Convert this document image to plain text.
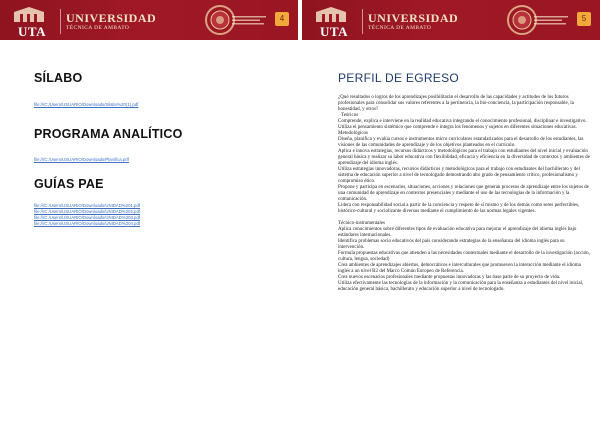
UTA
UNIVERSIDAD
TÉCNICA DE AMBATO
4
SÍLABO
file:///C:/Users/USUARIO/Downloads/Silabo%20(1).pdf
PROGRAMA ANALÍTICO
file:///C:/Users/USUARIO/Downloads/Planifica.pdf
GUÍAS PAE
file:///C:/Users/USUARIO/Downloads/UNIDAD%201.pdf
file:///C:/Users/USUARIO/Downloads/UNIDAD%202.pdf
file:///C:/Users/USUARIO/Downloads/UNIDAD%203.pdf
file:///C:/Users/USUARIO/Downloads/UNIDAD%204.pdf
UTA
UNIVERSIDAD
TÉCNICA DE AMBATO
5
PERFIL DE EGRESO

¿Qué resultados o logros de los aprendizajes posibilitarán el desarrollo de las capacidades y actitudes de los futuros profesionales para consolidar sus valores referentes a la pertinencia, la bio-conciencia, la participación responsable, la honestidad, y otros?

Teóricos

Comprende, explica e interviene en la realidad educativa integrando el conocimiento profesional, disciplinar e investigativo.

Utiliza el pensamiento sistémico que comprende e integra los fenómenos y sujetos en diferentes situaciones educativas.

Metodológicos

Diseña, planifica y evalúa cursos e instrumentos micro curriculares estandarizados para el desarrollo de los estudiantes, las visiones de las comunidades de aprendizaje y de los objetivos planteados en el currículo.

Aplica e innova estrategias, recursos didácticos y metodológicos para el trabajo con estudiantes del nivel inicial y evaluación general básica y realizar su labor educativa con flexibilidad, eficacia y eficiencia en la diversidad de contextos y ambientes de aprendizaje del idioma inglés.

Utiliza estrategias innovadoras, recursos didácticos y metodológicos para el trabajo con estudiantes del bachillerato y del sistema de educación superior a nivel de tecnologado demostrando alto grado de pensamiento crítico, profesionalismo y compromiso ético.

Propone y participa en escenarios, situaciones, acciones y relaciones que generan procesos de aprendizaje entre los sujetos de una comunidad de aprendizaje en contextos presenciales y mediante el uso de las tecnologías de la información y la comunicación.

Lidera con responsabilidad social a partir de la conciencia y respeto de sí mismo y de los demás como seres perfectibles, histórico-cultural y sociolizante diversos mediante el cumplimiento de las normas legales vigentes.

Técnico-instrumentales

Aplica conocimientos sobre diferentes tipos de evaluación educativa para mejorar el aprendizaje del idioma inglés bajo estándares internacionales.

Identifica problemas socio educativos del país considerando estrategias de la enseñanza del idioma inglés para su intervención.

Formula propuestas educativas que atienden a las necesidades contextuales mediante el desarrollo de la investigación (acción, cultura, lengua, sociedad)

Crea ambientes de aprendizajes abiertos, democráticos e interculturales que promueven la interacción mediante el idioma inglés a un nivel B2 del Marco Común Europeo de Referencia.

Crea nuevos escenarios profesionales mediante propuestas innovadoras y las base parte de su proyecto de vida.

Utiliza efectivamente las tecnologías de la información y la comunicación para la enseñanza a estudiantes del nivel inicial, educación general básica, bachillerato y educación superior a nivel de tecnologado.
